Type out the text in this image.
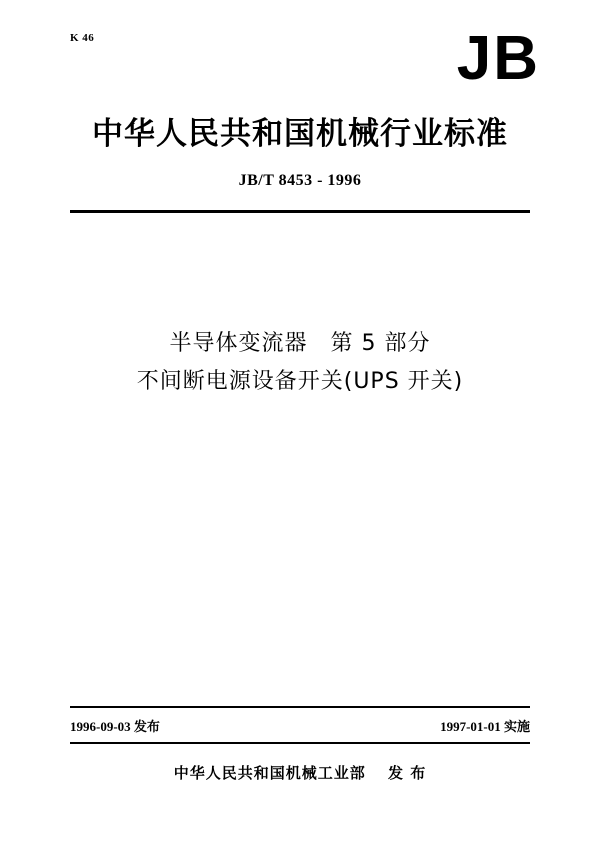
K 46	JB
中华人民共和国机械行业标准
JB/T 8453 - 1996
半导体变流器　第 5 部分
不间断电源设备开关(UPS 开关)
1996-09-03 发布	1997-01-01 实施
中华人民共和国机械工业部 　发 布
